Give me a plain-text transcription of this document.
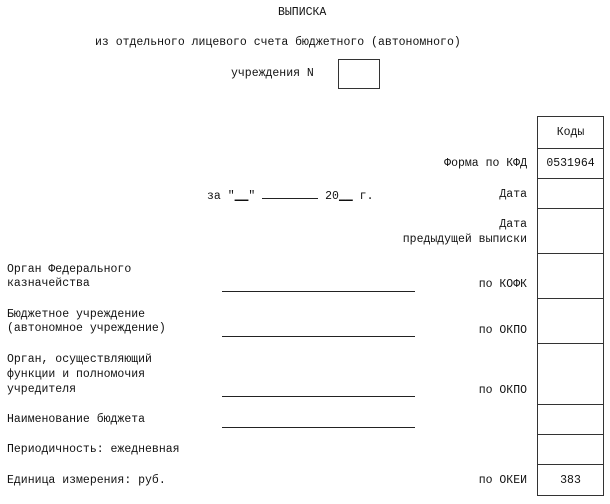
ВЫПИСКА
из отдельного лицевого счета бюджетного (автономного)
учреждения N
за "__"	20__ г.
Форма по КФД
Дата
Дата
предыдущей выписки
по КОФК
по ОКПО
по ОКПО
по ОКЕИ
Орган Федерального
казначейства
Бюджетное учреждение
(автономное учреждение)
Орган, осуществляющий
функции и полномочия
учредителя
Наименование бюджета
Периодичность: ежедневная
Единица измерения: руб.
Коды
0531964
383
